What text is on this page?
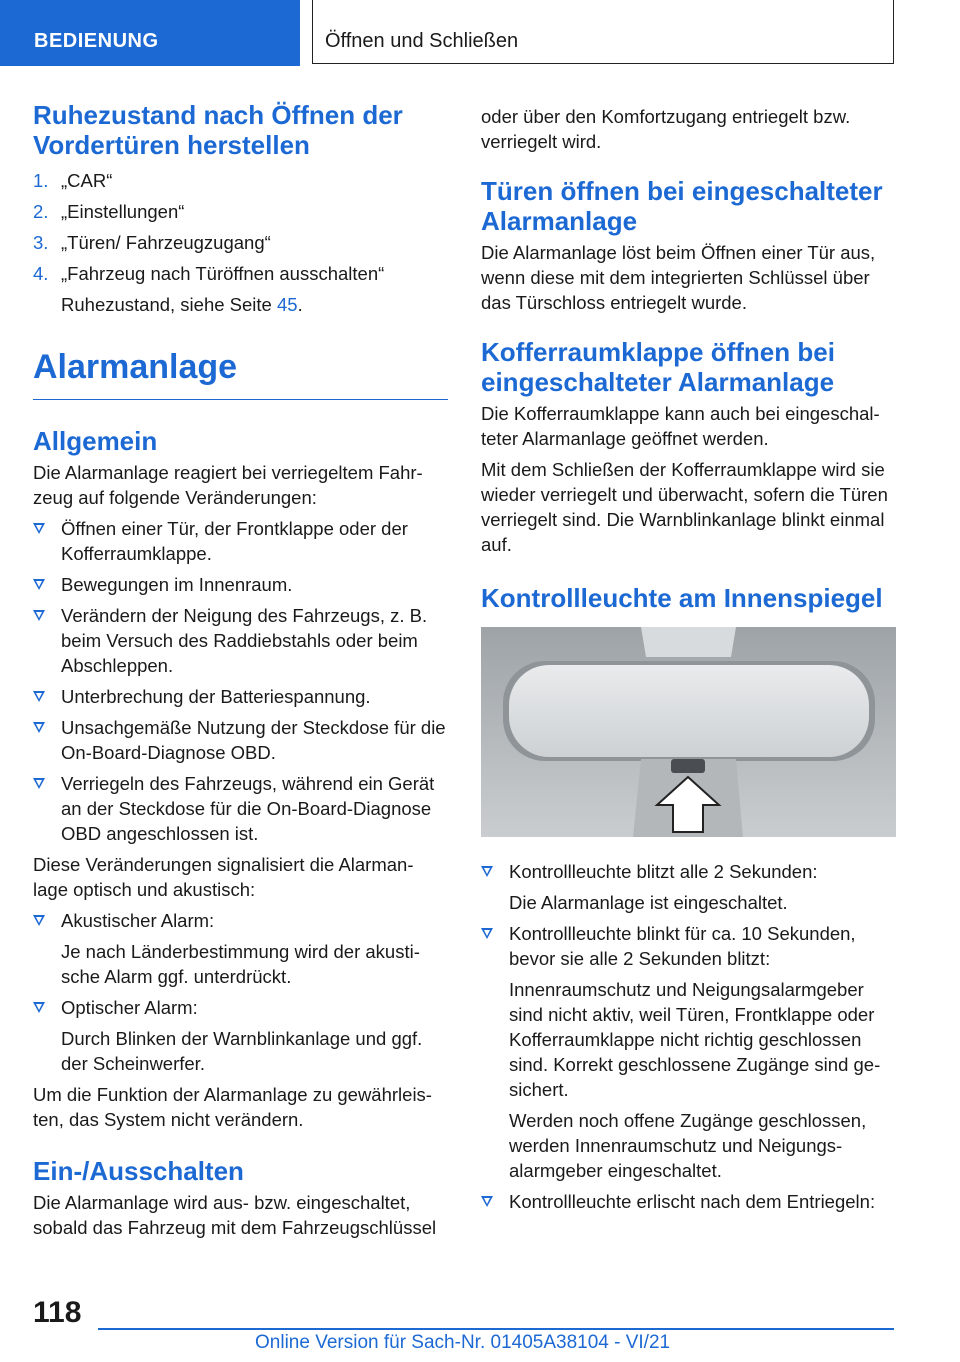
BEDIENUNG	Öffnen und Schließen
Ruhezustand nach Öffnen der Vordertüren herstellen
1. „CAR“
2. „Einstellungen“
3. „Türen/ Fahrzeugzugang“
4. „Fahrzeug nach Türöffnen ausschalten“
Ruhezustand, siehe Seite 45.
Alarmanlage
Allgemein

Die Alarmanlage reagiert bei verriegeltem Fahr-zeug auf folgende Veränderungen:

Öffnen einer Tür, der Frontklappe oder der Kofferraumklappe.
Bewegungen im Innenraum.
Verändern der Neigung des Fahrzeugs, z. B. beim Versuch des Raddiebstahls oder beim Abschleppen.
Unterbrechung der Batteriespannung.
Unsachgemäße Nutzung der Steckdose für die On-Board-Diagnose OBD.
Verriegeln des Fahrzeugs, während ein Gerät an der Steckdose für die On-Board-Diagnose OBD angeschlossen ist.

Diese Veränderungen signalisiert die Alarman-lage optisch und akustisch:

Akustischer Alarm:
Je nach Länderbestimmung wird der akusti-sche Alarm ggf. unterdrückt.
Optischer Alarm:
Durch Blinken der Warnblinkanlage und ggf. der Scheinwerfer.

Um die Funktion der Alarmanlage zu gewährleis-ten, das System nicht verändern.

Ein-/Ausschalten

Die Alarmanlage wird aus- bzw. eingeschaltet, sobald das Fahrzeug mit dem Fahrzeugschlüssel

oder über den Komfortzugang entriegelt bzw. verriegelt wird.

Türen öffnen bei eingeschalteter Alarmanlage

Die Alarmanlage löst beim Öffnen einer Tür aus, wenn diese mit dem integrierten Schlüssel über das Türschloss entriegelt wurde.

Kofferraumklappe öffnen bei eingeschalteter Alarmanlage

Die Kofferraumklappe kann auch bei eingeschal-teter Alarmanlage geöffnet werden.

Mit dem Schließen der Kofferraumklappe wird sie wieder verriegelt und überwacht, sofern die Türen verriegelt sind. Die Warnblinkanlage blinkt einmal auf.

Kontrollleuchte am Innenspiegel
Kontrollleuchte blitzt alle 2 Sekunden:
Die Alarmanlage ist eingeschaltet.
Kontrollleuchte blinkt für ca. 10 Sekunden, bevor sie alle 2 Sekunden blitzt:
Innenraumschutz und Neigungsalarmgeber sind nicht aktiv, weil Türen, Frontklappe oder Kofferraumklappe nicht richtig geschlossen sind. Korrekt geschlossene Zugänge sind ge-sichert.
Werden noch offene Zugänge geschlossen, werden Innenraumschutz und Neigungs-alarmgeber eingeschaltet.
Kontrollleuchte erlischt nach dem Entriegeln:
118
Online Version für Sach-Nr. 01405A38104 - VI/21
